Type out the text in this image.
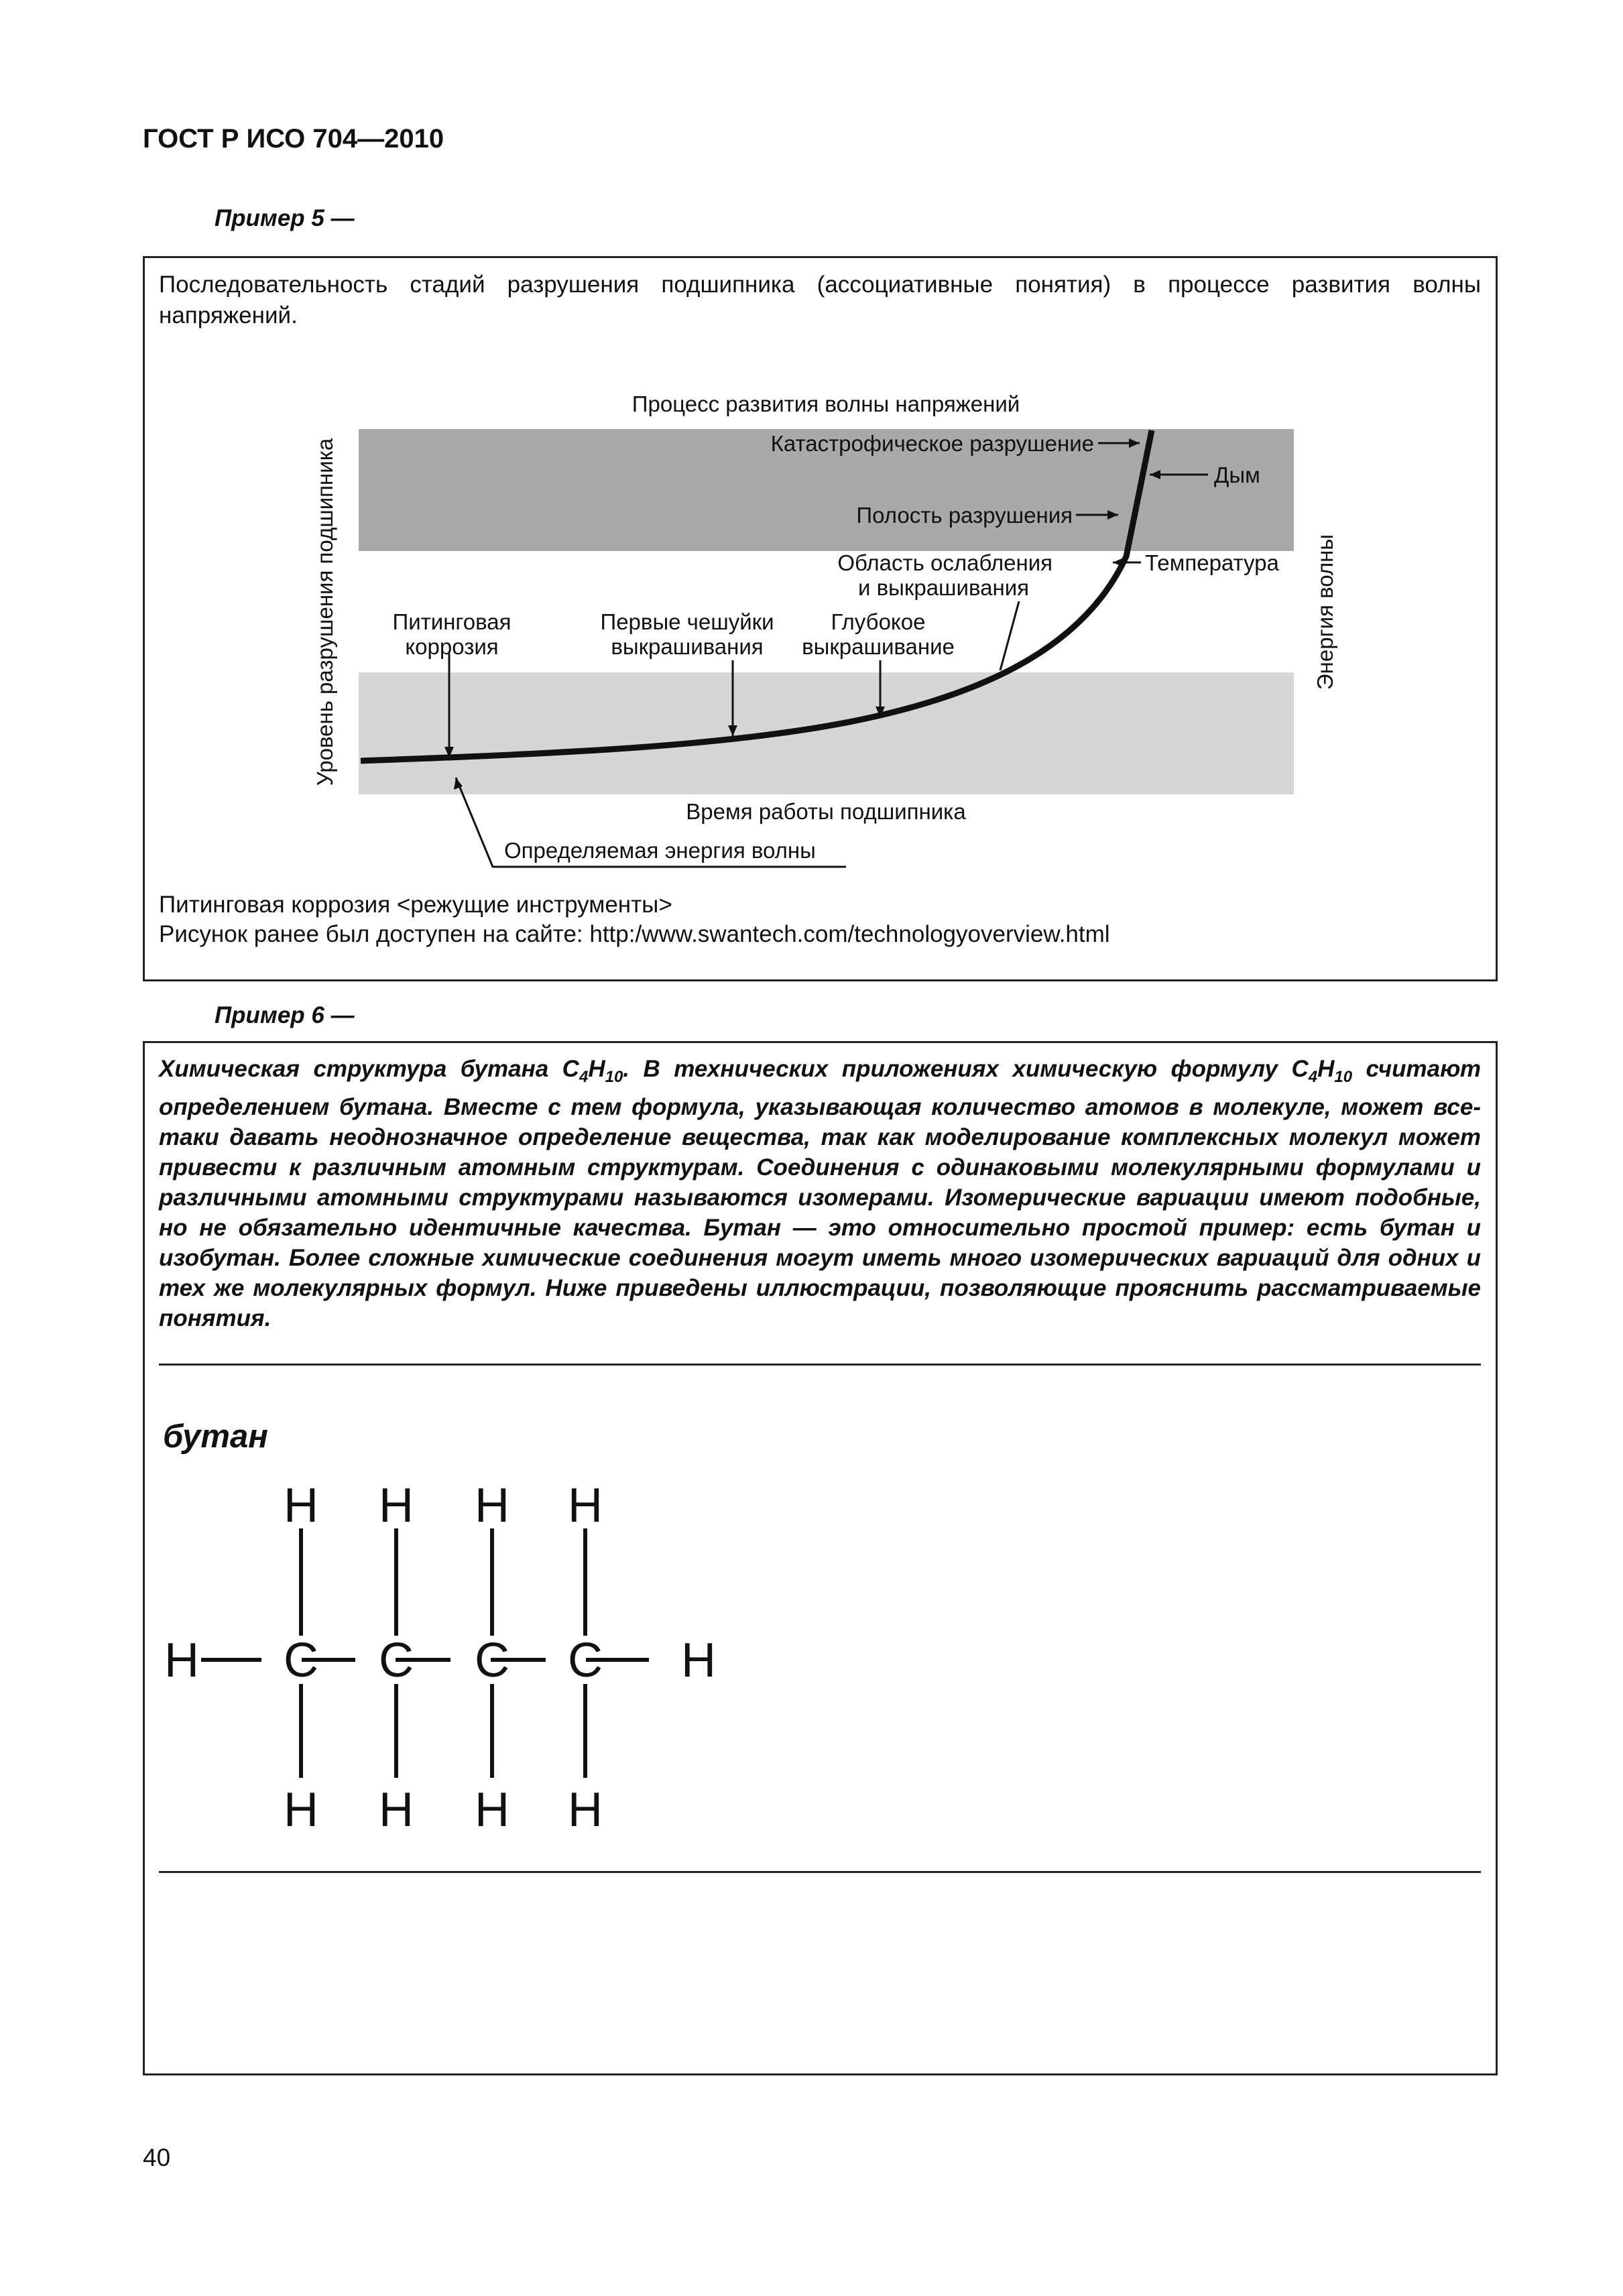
ГОСТ Р ИСО 704—2010
Пример 5 —
Последовательность стадий разрушения подшипника (ассоциативные понятия) в процессе развития волны напряжений.
Процесс развития волны напряжений
Катастрофическое разрушение
Дым
Полость разрушения
Область ослабления
и выкрашивания
Температура
Питинговая
коррозия
Первые чешуйки
выкрашивания
Глубокое
выкрашивание
Время работы подшипника
Определяемая энергия волны
Уровень разрушения подшипника	Энергия волны
Питинговая коррозия <режущие инструменты>
Рисунок ранее был доступен на сайте: http:/www.swantech.com/technologyoverview.html
Пример 6 —
Химическая структура бутана $C_4H_{10}$. В технических приложениях химическую формулу $C_4H_{10}$ считают определением бутана. Вместе с тем формула, указывающая количество атомов в молекуле, может все-таки давать неоднозначное определение вещества, так как моделирование комплексных молекул может привести к различным атомным структурам. Соединения с одинаковыми молекулярными формулами и различными атомными структурами называются изомерами. Изомерические вариации имеют подобные, но не обязательно идентичные качества. Бутан — это относительно простой пример: есть бутан и изобутан. Более сложные химические соединения могут иметь много изомерических вариаций для одних и тех же молекулярных формул. Ниже приведены иллюстрации, позволяющие прояснить рассматриваемые понятия.
бутан
H H H H
H C C C C H
H H H H
40
